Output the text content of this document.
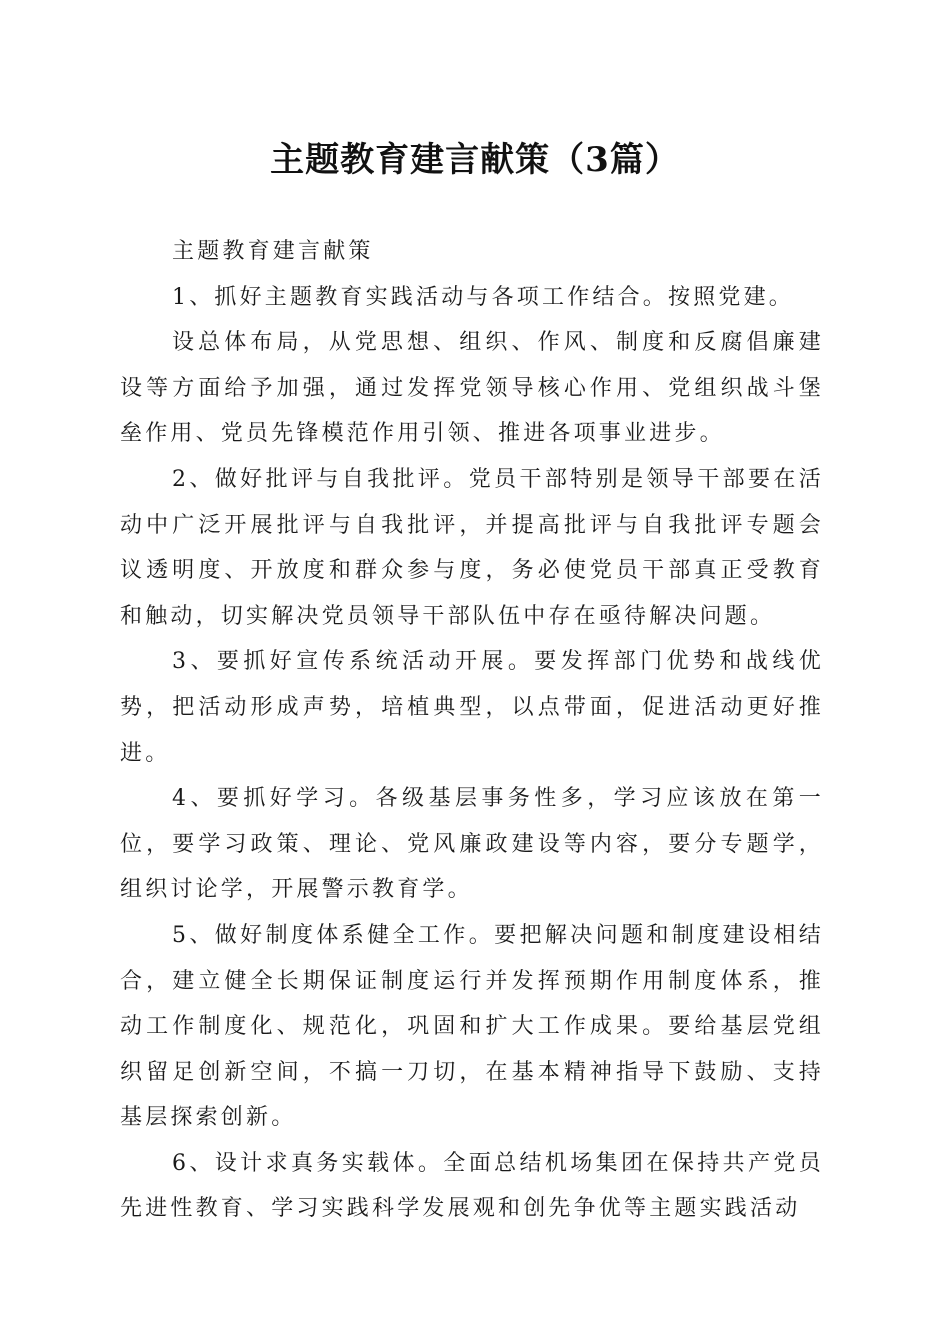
主题教育建言献策（3篇）

主题教育建言献策

1、抓好主题教育实践活动与各项工作结合。按照党建。

设总体布局，从党思想、组织、作风、制度和反腐倡廉建设等方面给予加强，通过发挥党领导核心作用、党组织战斗堡垒作用、党员先锋模范作用引领、推进各项事业进步。

2、做好批评与自我批评。党员干部特别是领导干部要在活动中广泛开展批评与自我批评，并提高批评与自我批评专题会议透明度、开放度和群众参与度，务必使党员干部真正受教育和触动，切实解决党员领导干部队伍中存在亟待解决问题。

3、要抓好宣传系统活动开展。要发挥部门优势和战线优势，把活动形成声势，培植典型，以点带面，促进活动更好推进。

4、要抓好学习。各级基层事务性多，学习应该放在第一位，要学习政策、理论、党风廉政建设等内容，要分专题学，组织讨论学，开展警示教育学。

5、做好制度体系健全工作。要把解决问题和制度建设相结合，建立健全长期保证制度运行并发挥预期作用制度体系，推动工作制度化、规范化，巩固和扩大工作成果。要给基层党组织留足创新空间，不搞一刀切，在基本精神指导下鼓励、支持基层探索创新。

6、设计求真务实载体。全面总结机场集团在保持共产党员先进性教育、学习实践科学发展观和创先争优等主题实践活动
